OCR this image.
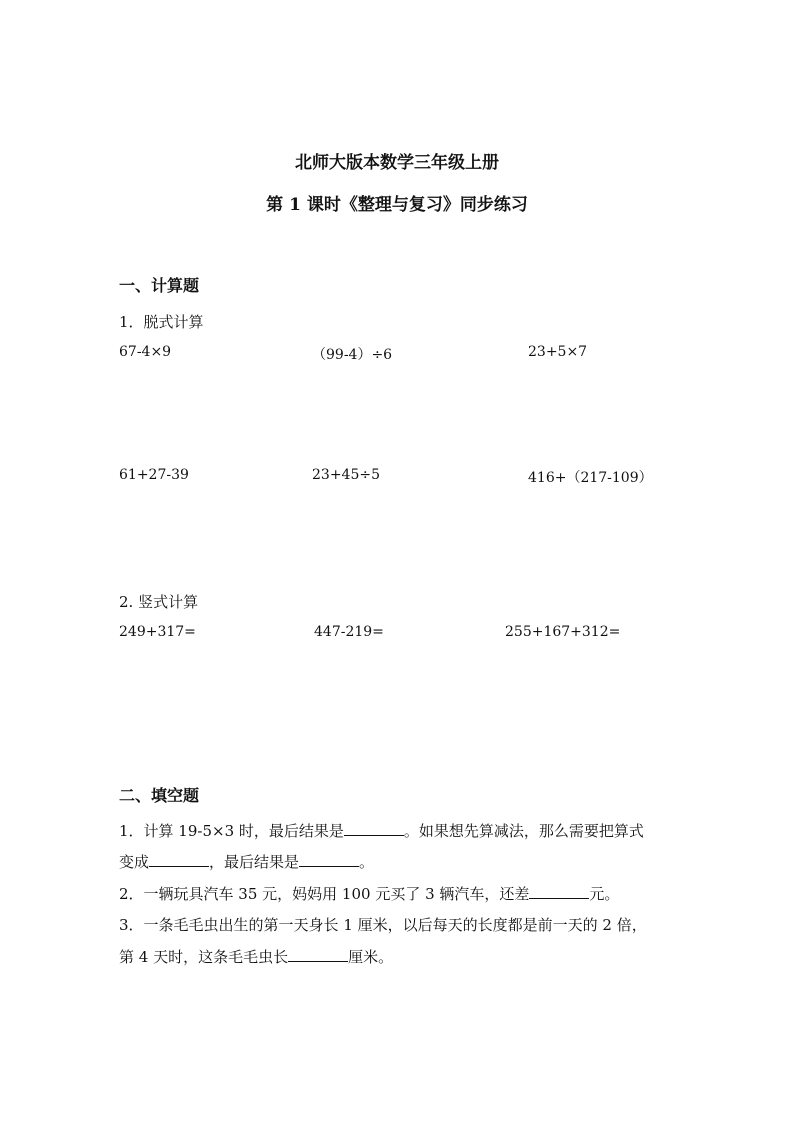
北师大版本数学三年级上册
第 1 课时《整理与复习》同步练习
一、计算题
1．脱式计算
67-4×9	（99-4）÷6	23+5×7
61+27-39	23+45÷5	416+（217-109）
2. 竖式计算
249+317=	447-219=	255+167+312=
二、填空题
1．计算 19-5×3 时，最后结果是	。如果想先算减法，那么需要把算式
变成	，最后结果是	。
2．一辆玩具汽车 35 元，妈妈用 100 元买了 3 辆汽车，还差	元。
3．一条毛毛虫出生的第一天身长 1 厘米，以后每天的长度都是前一天的 2 倍，
第 4 天时，这条毛毛虫长	厘米。
